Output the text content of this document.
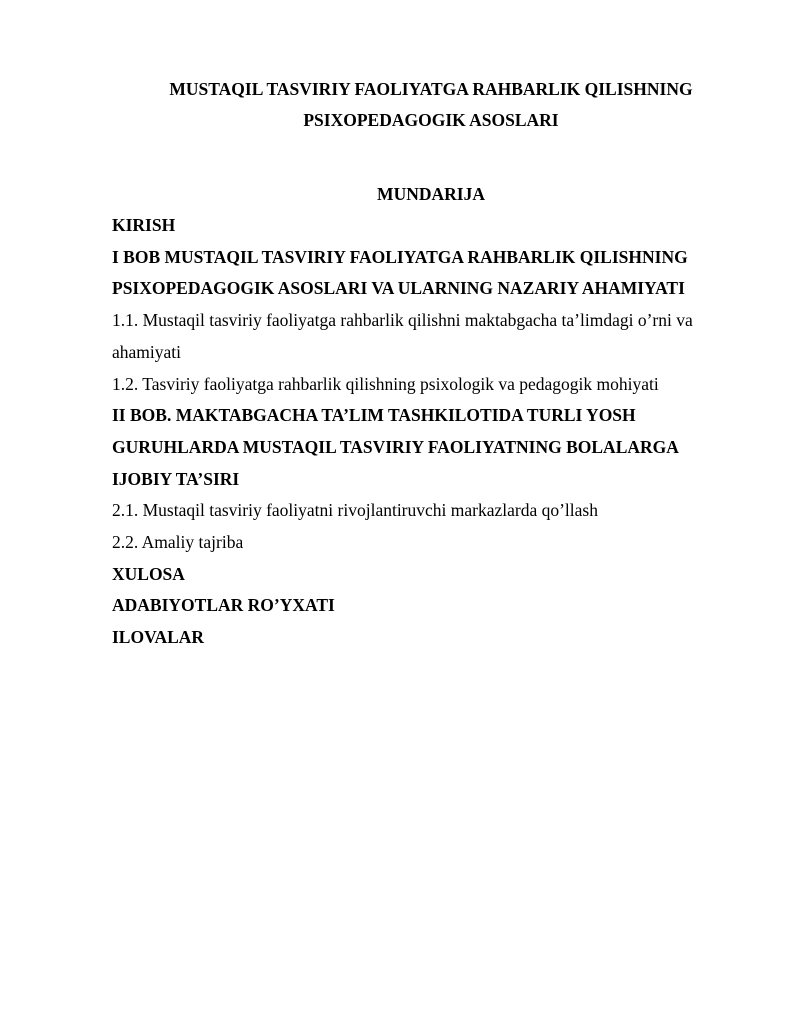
MUSTAQIL TASVIRIY FAOLIYATGA RAHBARLIK QILISHNING
PSIXOPEDAGOGIK ASOSLARI
MUNDARIJA
KIRISH
I BOB MUSTAQIL TASVIRIY FAOLIYATGA RAHBARLIK QILISHNING
PSIXOPEDAGOGIK ASOSLARI VA ULARNING NAZARIY AHAMIYATI
1.1. Mustaqil tasviriy faoliyatga rahbarlik qilishni maktabgacha ta’limdagi o’rni va
ahamiyati
1.2. Tasviriy faoliyatga rahbarlik qilishning psixologik va pedagogik mohiyati
II BOB. MAKTABGACHA TA’LIM TASHKILOTIDA TURLI YOSH
GURUHLARDA MUSTAQIL TASVIRIY FAOLIYATNING BOLALARGA
IJOBIY TA’SIRI
2.1. Mustaqil tasviriy faoliyatni rivojlantiruvchi markazlarda qo’llash
2.2. Amaliy tajriba
XULOSA
ADABIYOTLAR RO’YXATI
ILOVALAR
